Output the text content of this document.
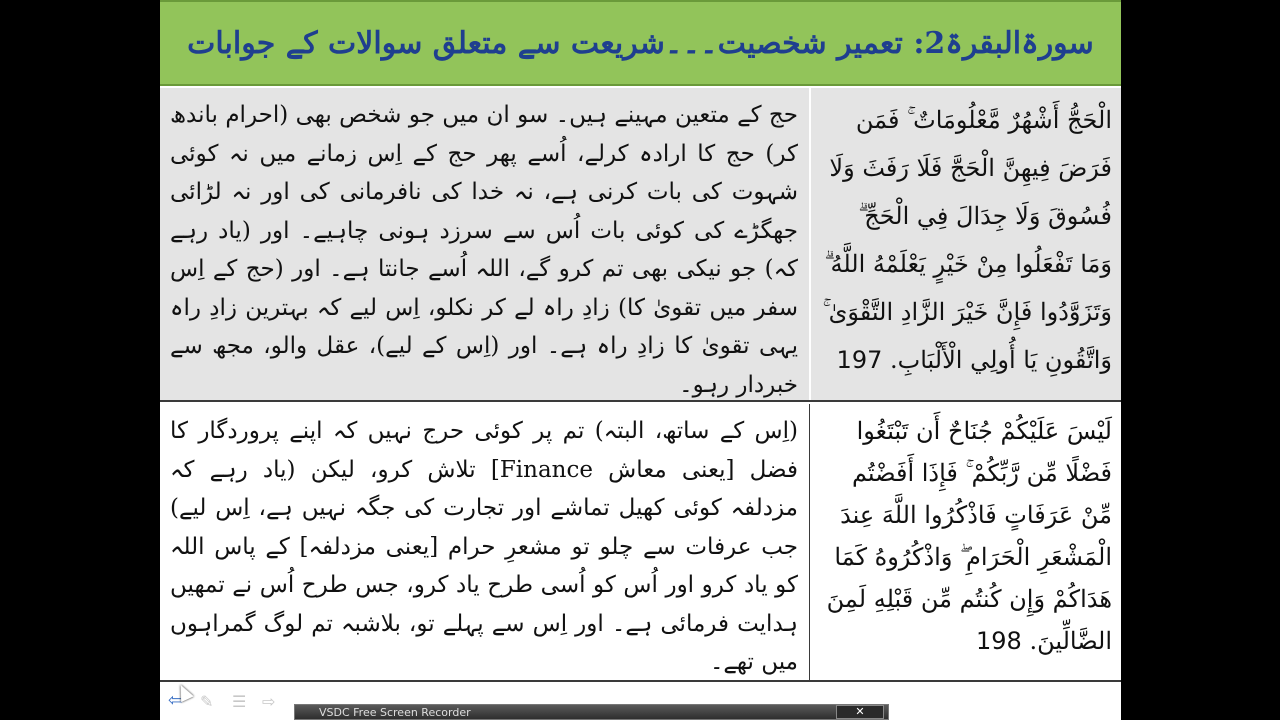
سورۃالبقرۃ2: تعمیر شخصیت۔۔۔شریعت سے متعلق سوالات کے جوابات
الْحَجُّ أَشْهُرٌ مَّعْلُومَاتٌ ۚ فَمَن فَرَضَ فِيهِنَّ الْحَجَّ فَلَا رَفَثَ وَلَا فُسُوقَ وَلَا جِدَالَ فِي الْحَجِّ ۗ وَمَا تَفْعَلُوا مِنْ خَيْرٍ يَعْلَمْهُ اللَّهُ ۗ وَتَزَوَّدُوا فَإِنَّ خَيْرَ الزَّادِ التَّقْوَىٰ ۚ وَاتَّقُونِ يَا أُولِي الْأَلْبَابِ. 197
حج کے متعین مہینے ہیں۔ سو ان میں جو شخص بھی (احرام باندھ کر) حج کا ارادہ کرلے، اُسے پھر حج کے اِس زمانے میں نہ کوئی شہوت کی بات کرنی ہے، نہ خدا کی نافرمانی کی اور نہ لڑائی جھگڑے کی کوئی بات اُس سے سرزد ہونی چاہیے۔ اور (یاد رہے کہ) جو نیکی بھی تم کرو گے، اللہ اُسے جانتا ہے۔ اور (حج کے اِس سفر میں تقویٰ کا) زادِ راہ لے کر نکلو، اِس لیے کہ بہترین زادِ راہ یہی تقویٰ کا زادِ راہ ہے۔ اور (اِس کے لیے)، عقل والو، مجھ سے خبردار رہو۔
لَيْسَ عَلَيْكُمْ جُنَاحٌ أَن تَبْتَغُوا فَضْلًا مِّن رَّبِّكُمْ ۚ فَإِذَا أَفَضْتُم مِّنْ عَرَفَاتٍ فَاذْكُرُوا اللَّهَ عِندَ الْمَشْعَرِ الْحَرَامِ ۖ وَاذْكُرُوهُ كَمَا هَدَاكُمْ وَإِن كُنتُم مِّن قَبْلِهِ لَمِنَ الضَّالِّينَ. 198
(اِس کے ساتھ، البتہ) تم پر کوئی حرج نہیں کہ اپنے پروردگار کا فضل [یعنی معاش Finance] تلاش کرو، لیکن (یاد رہے کہ مزدلفہ کوئی کھیل تماشے اور تجارت کی جگہ نہیں ہے، اِس لیے) جب عرفات سے چلو تو مشعرِ حرام [یعنی مزدلفہ] کے پاس اللہ کو یاد کرو اور اُس کو اُسی طرح یاد کرو، جس طرح اُس نے تمھیں ہدایت فرمائی ہے۔ اور اِس سے پہلے تو، بلاشبہ تم لوگ گمراہوں میں تھے۔
⇦ ✎ ☰ ⇨
VSDC Free Screen Recorder	✕
